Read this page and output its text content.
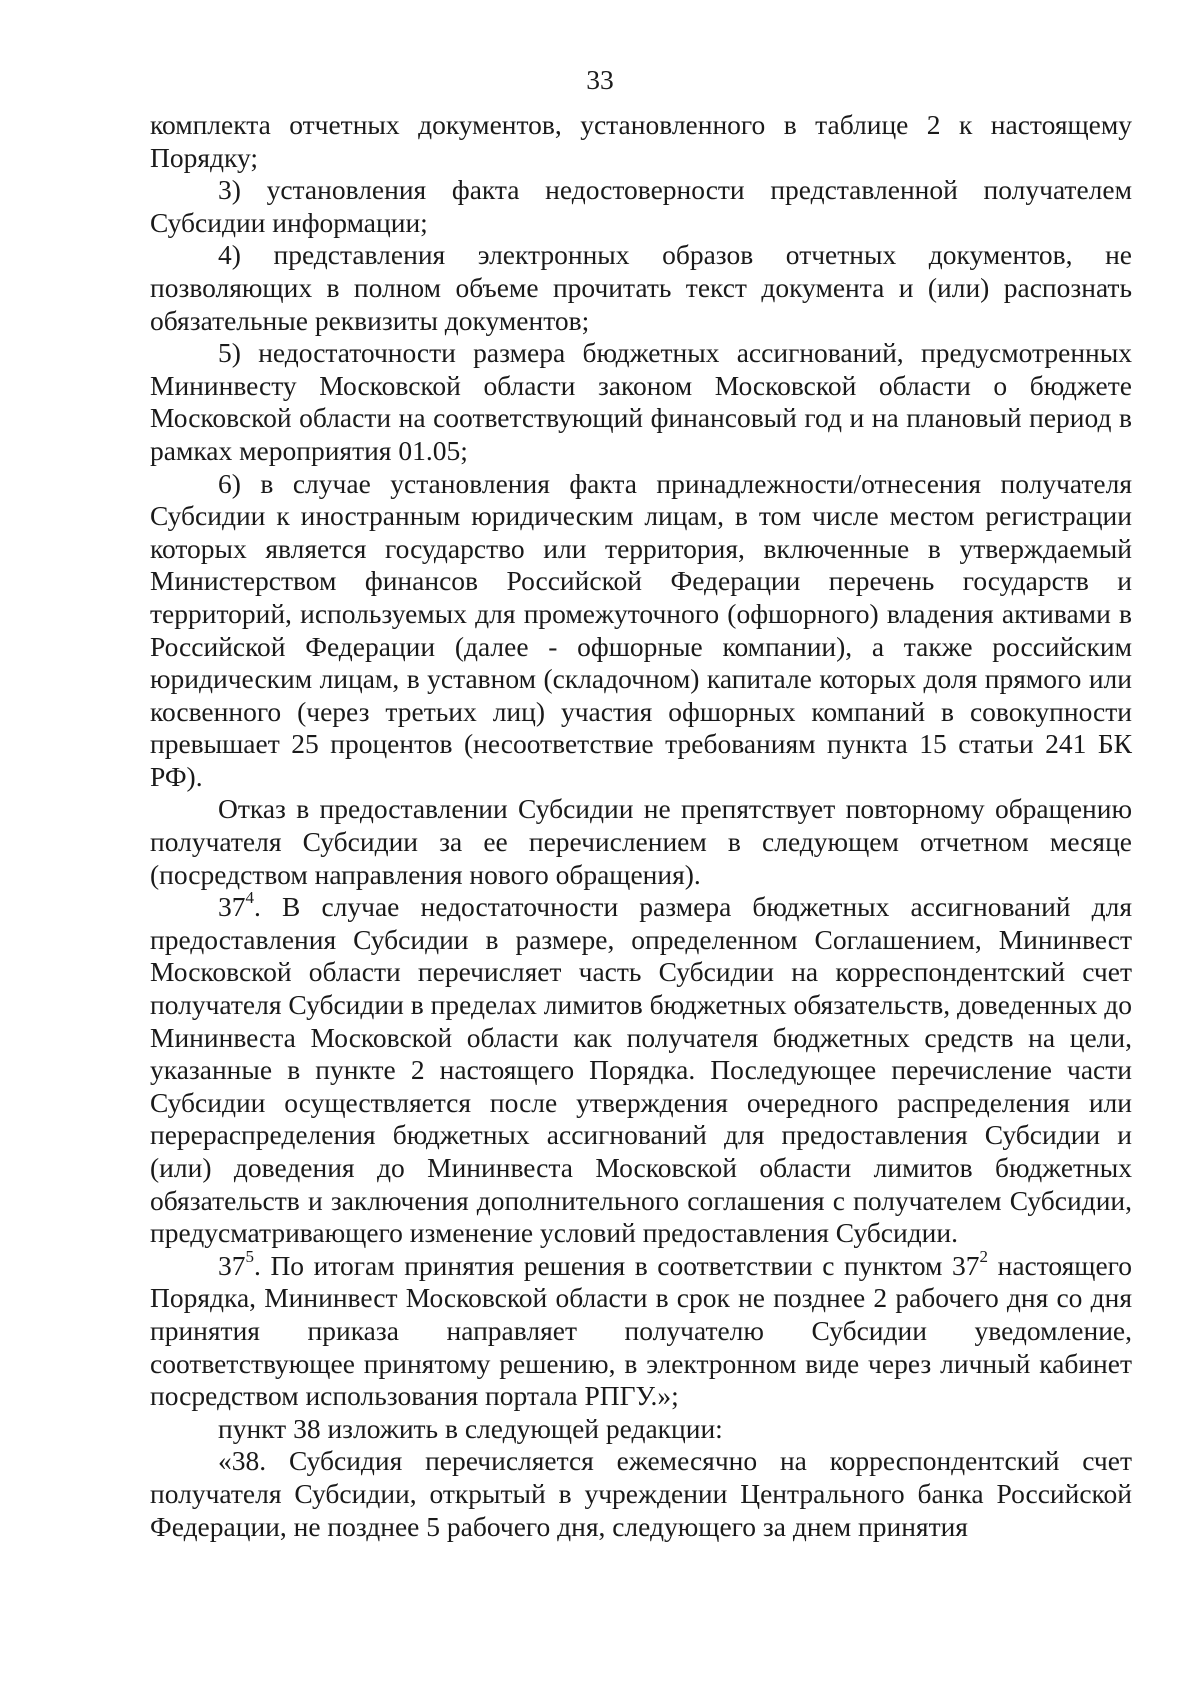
33

комплекта отчетных документов, установленного в таблице 2 к настоящему Порядку;

3) установления факта недостоверности представленной получателем Субсидии информации;

4) представления электронных образов отчетных документов, не позволяющих в полном объеме прочитать текст документа и (или) распознать обязательные реквизиты документов;

5) недостаточности размера бюджетных ассигнований, предусмотренных Мининвесту Московской области законом Московской области о бюджете Московской области на соответствующий финансовый год и на плановый период в рамках мероприятия 01.05;

6) в случае установления факта принадлежности/отнесения получателя Субсидии к иностранным юридическим лицам, в том числе местом регистрации которых является государство или территория, включенные в утверждаемый Министерством финансов Российской Федерации перечень государств и территорий, используемых для промежуточного (офшорного) владения активами в Российской Федерации (далее - офшорные компании), а также российским юридическим лицам, в уставном (складочном) капитале которых доля прямого или косвенного (через третьих лиц) участия офшорных компаний в совокупности превышает 25 процентов (несоответствие требованиям пункта 15 статьи 241 БК РФ).

Отказ в предоставлении Субсидии не препятствует повторному обращению получателя Субсидии за ее перечислением в следующем отчетном месяце (посредством направления нового обращения).

$37^4$. В случае недостаточности размера бюджетных ассигнований для предоставления Субсидии в размере, определенном Соглашением, Мининвест Московской области перечисляет часть Субсидии на корреспондентский счет получателя Субсидии в пределах лимитов бюджетных обязательств, доведенных до Мининвеста Московской области как получателя бюджетных средств на цели, указанные в пункте 2 настоящего Порядка. Последующее перечисление части Субсидии осуществляется после утверждения очередного распределения или перераспределения бюджетных ассигнований для предоставления Субсидии и (или) доведения до Мининвеста Московской области лимитов бюджетных обязательств и заключения дополнительного соглашения с получателем Субсидии, предусматривающего изменение условий предоставления Субсидии.

$37^5$. По итогам принятия решения в соответствии с пунктом $37^2$ настоящего Порядка, Мининвест Московской области в срок не позднее 2 рабочего дня со дня принятия приказа направляет получателю Субсидии уведомление, соответствующее принятому решению, в электронном виде через личный кабинет посредством использования портала РПГУ.»;

пункт 38 изложить в следующей редакции:

«38. Субсидия перечисляется ежемесячно на корреспондентский счет получателя Субсидии, открытый в учреждении Центрального банка Российской Федерации, не позднее 5 рабочего дня, следующего за днем принятия
